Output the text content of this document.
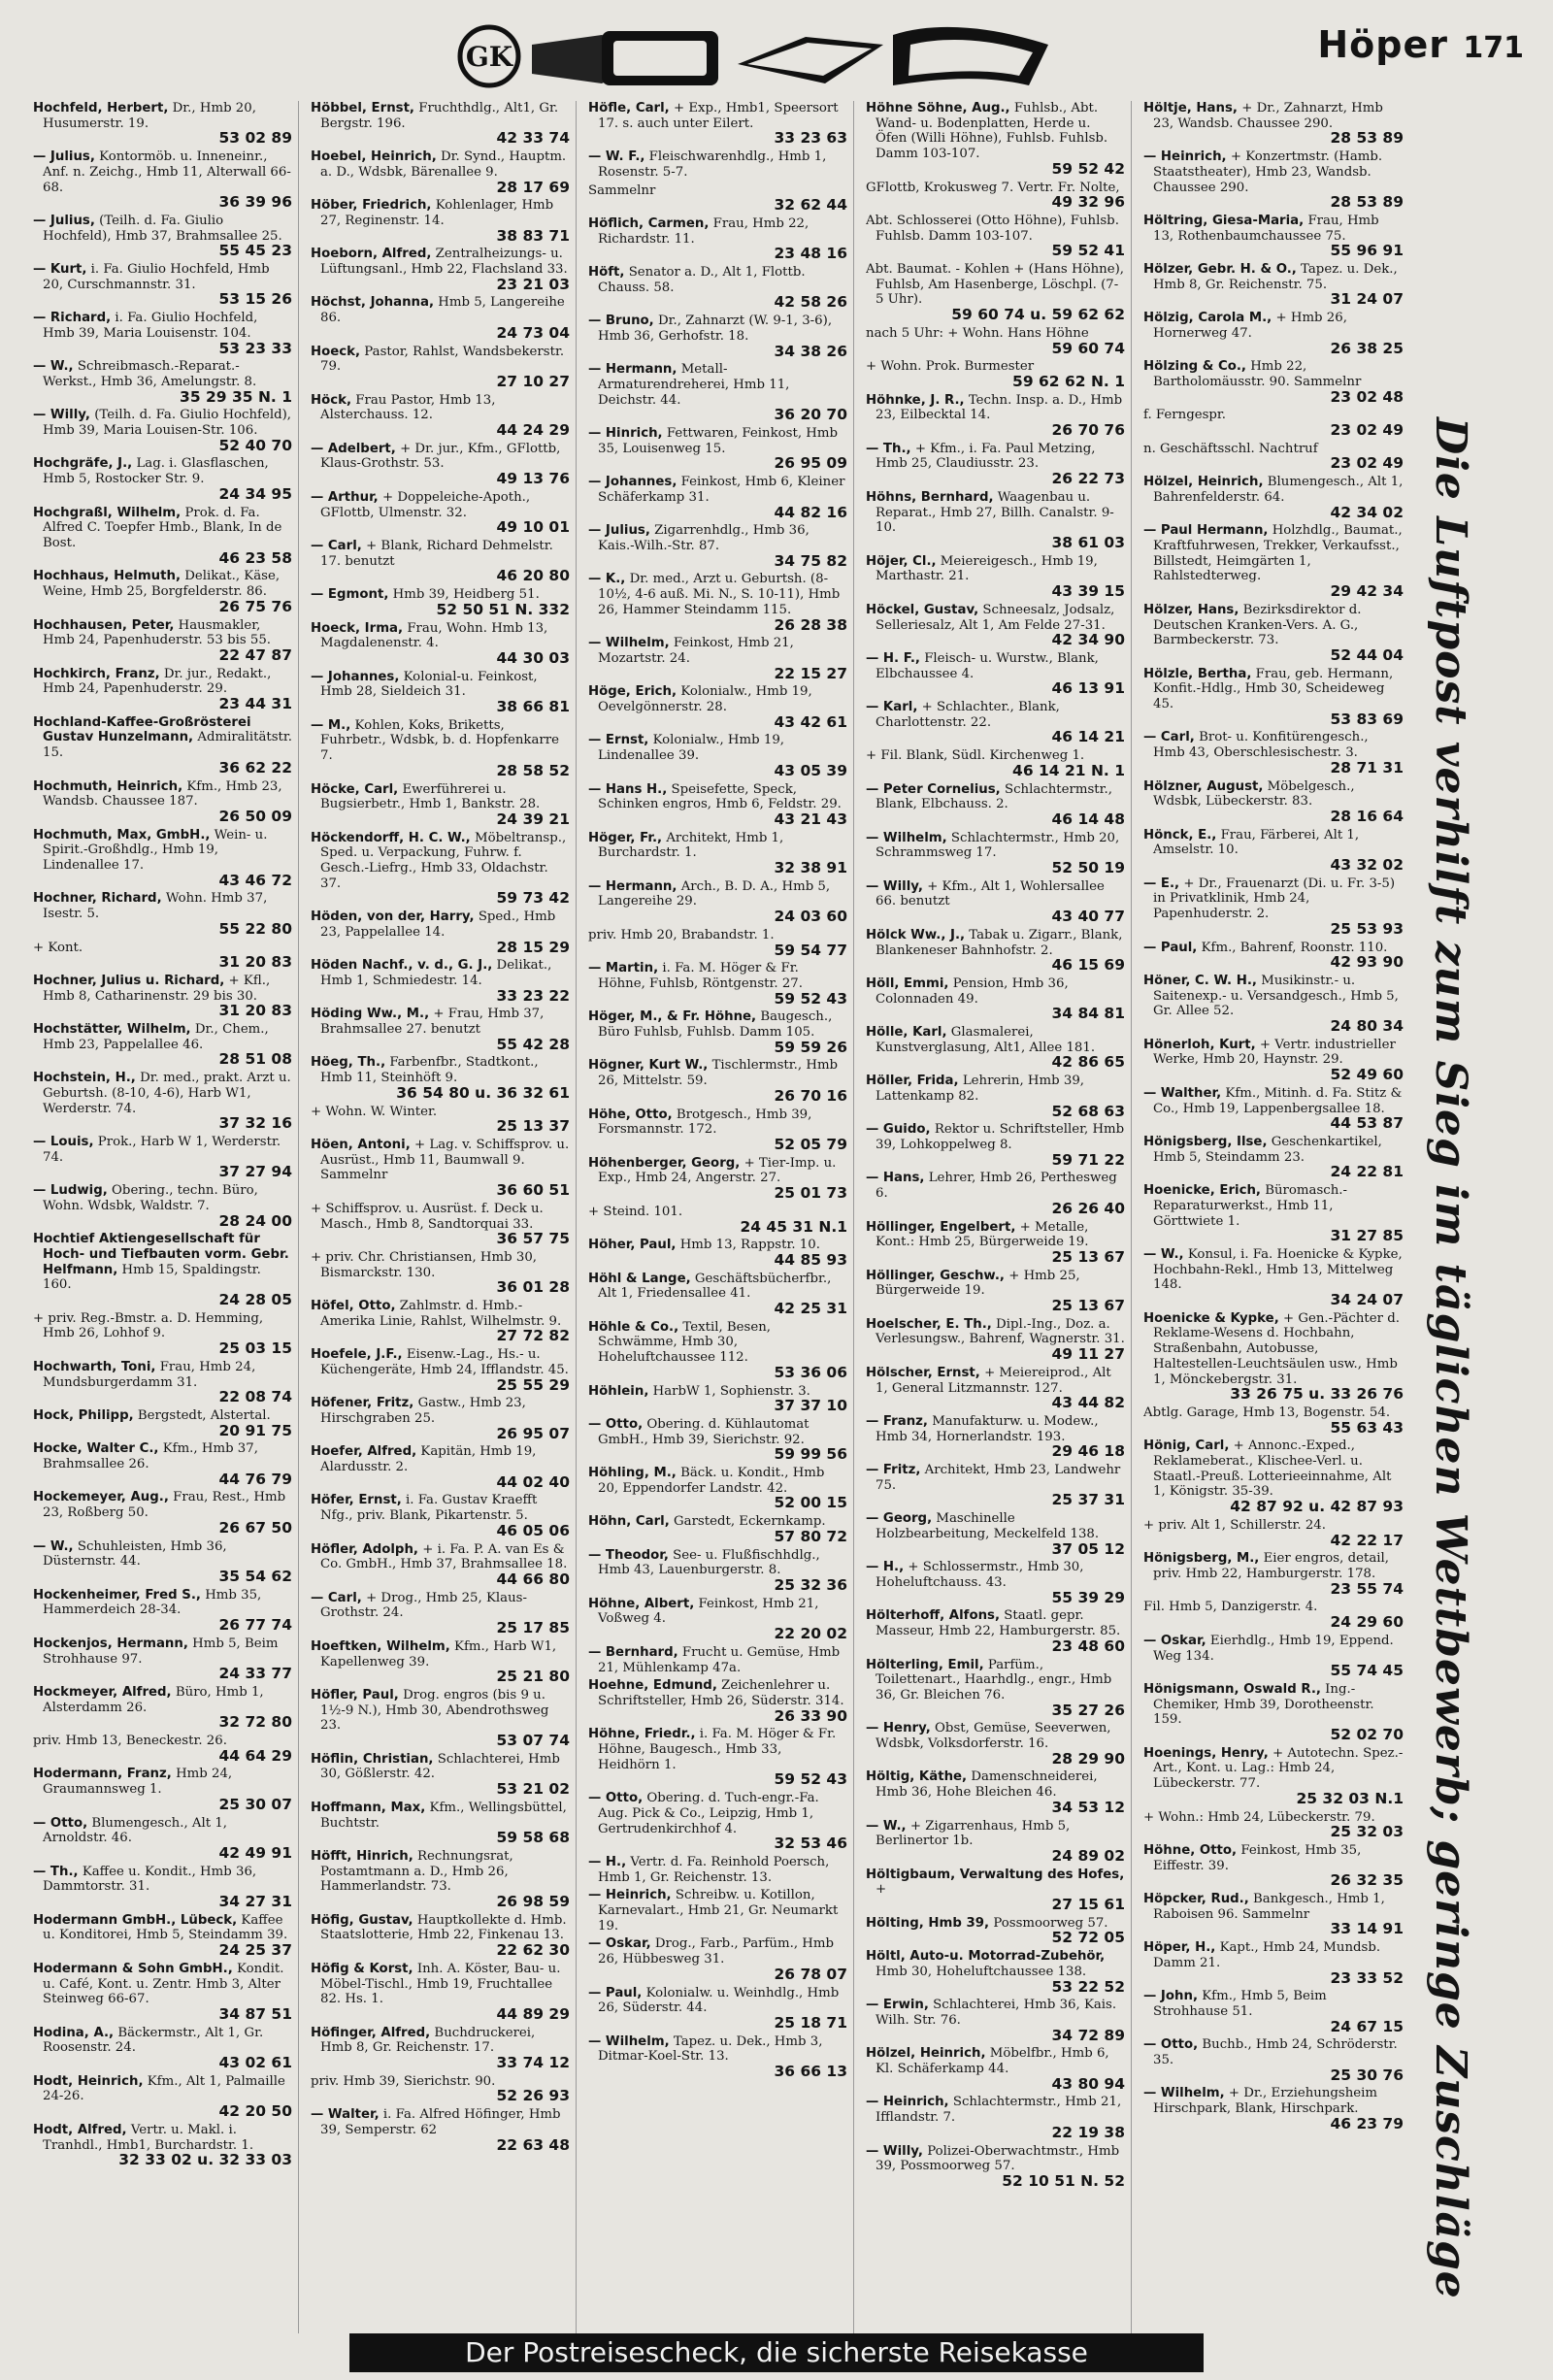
GK	Höper 171
Hochfeld, Herbert, Dr., Hmb 20, Husumerstr. 19.
53 02 89
— Julius, Kontormöb. u. Inneneinr., Anf. n. Zeichg., Hmb 11, Alterwall 66-68.
36 39 96
— Julius, (Teilh. d. Fa. Giulio Hochfeld), Hmb 37, Brahmsallee 25.
55 45 23
— Kurt, i. Fa. Giulio Hochfeld, Hmb 20, Curschmannstr. 31.
53 15 26
— Richard, i. Fa. Giulio Hochfeld, Hmb 39, Maria Louisenstr. 104.
53 23 33
— W., Schreibmasch.-Reparat.-Werkst., Hmb 36, Amelungstr. 8.
35 29 35 N. 1
— Willy, (Teilh. d. Fa. Giulio Hochfeld), Hmb 39, Maria Louisen-Str. 106.
52 40 70
Hochgräfe, J., Lag. i. Glasflaschen, Hmb 5, Rostocker Str. 9.
24 34 95
Hochgraßl, Wilhelm, Prok. d. Fa. Alfred C. Toepfer Hmb., Blank, In de Bost.
46 23 58
Hochhaus, Helmuth, Delikat., Käse, Weine, Hmb 25, Borgfelderstr. 86.
26 75 76
Hochhausen, Peter, Hausmakler, Hmb 24, Papenhuderstr. 53 bis 55.
22 47 87
Hochkirch, Franz, Dr. jur., Redakt., Hmb 24, Papenhuderstr. 29.
23 44 31
Hochland-Kaffee-Großrösterei Gustav Hunzelmann, Admiralitätstr. 15.
36 62 22
Hochmuth, Heinrich, Kfm., Hmb 23, Wandsb. Chaussee 187.
26 50 09
Hochmuth, Max, GmbH., Wein- u. Spirit.-Großhdlg., Hmb 19, Lindenallee 17.
43 46 72
Hochner, Richard, Wohn. Hmb 37, Isestr. 5.
55 22 80
+ Kont.
31 20 83
Hochner, Julius u. Richard, + Kfl., Hmb 8, Catharinenstr. 29 bis 30.
31 20 83
Hochstätter, Wilhelm, Dr., Chem., Hmb 23, Pappelallee 46.
28 51 08
Hochstein, H., Dr. med., prakt. Arzt u. Geburtsh. (8-10, 4-6), Harb W1, Werderstr. 74.
37 32 16
— Louis, Prok., Harb W 1, Werderstr. 74.
37 27 94
— Ludwig, Obering., techn. Büro, Wohn. Wdsbk, Waldstr. 7.
28 24 00
Hochtief Aktiengesellschaft für Hoch- und Tiefbauten vorm. Gebr. Helfmann, Hmb 15, Spaldingstr. 160.
24 28 05
+ priv. Reg.-Bmstr. a. D. Hemming, Hmb 26, Lohhof 9.
25 03 15
Hochwarth, Toni, Frau, Hmb 24, Mundsburgerdamm 31.
22 08 74
Hock, Philipp, Bergstedt, Alstertal.
20 91 75
Hocke, Walter C., Kfm., Hmb 37, Brahmsallee 26.
44 76 79
Hockemeyer, Aug., Frau, Rest., Hmb 23, Roßberg 50.
26 67 50
— W., Schuhleisten, Hmb 36, Düsternstr. 44.
35 54 62
Hockenheimer, Fred S., Hmb 35, Hammerdeich 28-34.
26 77 74
Hockenjos, Hermann, Hmb 5, Beim Strohhause 97.
24 33 77
Hockmeyer, Alfred, Büro, Hmb 1, Alsterdamm 26.
32 72 80
priv. Hmb 13, Beneckestr. 26.
44 64 29
Hodermann, Franz, Hmb 24, Graumannsweg 1.
25 30 07
— Otto, Blumengesch., Alt 1, Arnoldstr. 46.
42 49 91
— Th., Kaffee u. Kondit., Hmb 36, Dammtorstr. 31.
34 27 31
Hodermann GmbH., Lübeck, Kaffee u. Konditorei, Hmb 5, Steindamm 39.
24 25 37
Hodermann & Sohn GmbH., Kondit. u. Café, Kont. u. Zentr. Hmb 3, Alter Steinweg 66-67.
34 87 51
Hodina, A., Bäckermstr., Alt 1, Gr. Roosenstr. 24.
43 02 61
Hodt, Heinrich, Kfm., Alt 1, Palmaille 24-26.
42 20 50
Hodt, Alfred, Vertr. u. Makl. i. Tranhdl., Hmb1, Burchardstr. 1.
32 33 02 u. 32 33 03
Höbbel, Ernst, Fruchthdlg., Alt1, Gr. Bergstr. 196.
42 33 74
Hoebel, Heinrich, Dr. Synd., Hauptm. a. D., Wdsbk, Bärenallee 9.
28 17 69
Höber, Friedrich, Kohlenlager, Hmb 27, Reginenstr. 14.
38 83 71
Hoeborn, Alfred, Zentralheizungs- u. Lüftungsanl., Hmb 22, Flachsland 33.
23 21 03
Höchst, Johanna, Hmb 5, Langereihe 86.
24 73 04
Hoeck, Pastor, Rahlst, Wandsbekerstr. 79.
27 10 27
Höck, Frau Pastor, Hmb 13, Alsterchauss. 12.
44 24 29
— Adelbert, + Dr. jur., Kfm., GFlottb, Klaus-Grothstr. 53.
49 13 76
— Arthur, + Doppeleiche-Apoth., GFlottb, Ulmenstr. 32.
49 10 01
— Carl, + Blank, Richard Dehmelstr. 17. benutzt
46 20 80
— Egmont, Hmb 39, Heidberg 51.
52 50 51 N. 332
Hoeck, Irma, Frau, Wohn. Hmb 13, Magdalenenstr. 4.
44 30 03
— Johannes, Kolonial-u. Feinkost, Hmb 28, Sieldeich 31.
38 66 81
— M., Kohlen, Koks, Briketts, Fuhrbetr., Wdsbk, b. d. Hopfenkarre 7.
28 58 52
Höcke, Carl, Ewerführerei u. Bugsierbetr., Hmb 1, Bankstr. 28.
24 39 21
Höckendorff, H. C. W., Möbeltransp., Sped. u. Verpackung, Fuhrw. f. Gesch.-Liefrg., Hmb 33, Oldachstr. 37.
59 73 42
Höden, von der, Harry, Sped., Hmb 23, Pappelallee 14.
28 15 29
Höden Nachf., v. d., G. J., Delikat., Hmb 1, Schmiedestr. 14.
33 23 22
Höding Ww., M., + Frau, Hmb 37, Brahmsallee 27. benutzt
55 42 28
Höeg, Th., Farbenfbr., Stadtkont., Hmb 11, Steinhöft 9.
36 54 80 u. 36 32 61
+ Wohn. W. Winter.
25 13 37
Höen, Antoni, + Lag. v. Schiffsprov. u. Ausrüst., Hmb 11, Baumwall 9. Sammelnr
36 60 51
+ Schiffsprov. u. Ausrüst. f. Deck u. Masch., Hmb 8, Sandtorquai 33.
36 57 75
+ priv. Chr. Christiansen, Hmb 30, Bismarckstr. 130.
36 01 28
Höfel, Otto, Zahlmstr. d. Hmb.-Amerika Linie, Rahlst, Wilhelmstr. 9.
27 72 82
Hoefele, J.F., Eisenw.-Lag., Hs.- u. Küchengeräte, Hmb 24, Ifflandstr. 45.
25 55 29
Höfener, Fritz, Gastw., Hmb 23, Hirschgraben 25.
26 95 07
Hoefer, Alfred, Kapitän, Hmb 19, Alardusstr. 2.
44 02 40
Höfer, Ernst, i. Fa. Gustav Kraefft Nfg., priv. Blank, Pikartenstr. 5.
46 05 06
Höfler, Adolph, + i. Fa. P. A. van Es & Co. GmbH., Hmb 37, Brahmsallee 18.
44 66 80
— Carl, + Drog., Hmb 25, Klaus-Grothstr. 24.
25 17 85
Hoeftken, Wilhelm, Kfm., Harb W1, Kapellenweg 39.
25 21 80
Höfler, Paul, Drog. engros (bis 9 u. 1½-9 N.), Hmb 30, Abendrothsweg 23.
53 07 74
Höflin, Christian, Schlachterei, Hmb 30, Gößlerstr. 42.
53 21 02
Hoffmann, Max, Kfm., Wellingsbüttel, Buchtstr.
59 58 68
Höfft, Hinrich, Rechnungsrat, Postamtmann a. D., Hmb 26, Hammerlandstr. 73.
26 98 59
Höfig, Gustav, Hauptkollekte d. Hmb. Staatslotterie, Hmb 22, Finkenau 13.
22 62 30
Höfig & Korst, Inh. A. Köster, Bau- u. Möbel-Tischl., Hmb 19, Fruchtallee 82. Hs. 1.
44 89 29
Höfinger, Alfred, Buchdruckerei, Hmb 8, Gr. Reichenstr. 17.
33 74 12
priv. Hmb 39, Sierichstr. 90.
52 26 93
— Walter, i. Fa. Alfred Höfinger, Hmb 39, Semperstr. 62
22 63 48
Höfle, Carl, + Exp., Hmb1, Speersort 17. s. auch unter Eilert.
33 23 63
— W. F., Fleischwarenhdlg., Hmb 1, Rosenstr. 5-7.
Sammelnr
32 62 44
Höflich, Carmen, Frau, Hmb 22, Richardstr. 11.
23 48 16
Höft, Senator a. D., Alt 1, Flottb. Chauss. 58.
42 58 26
— Bruno, Dr., Zahnarzt (W. 9-1, 3-6), Hmb 36, Gerhofstr. 18.
34 38 26
— Hermann, Metall-Armaturendreherei, Hmb 11, Deichstr. 44.
36 20 70
— Hinrich, Fettwaren, Feinkost, Hmb 35, Louisenweg 15.
26 95 09
— Johannes, Feinkost, Hmb 6, Kleiner Schäferkamp 31.
44 82 16
— Julius, Zigarrenhdlg., Hmb 36, Kais.-Wilh.-Str. 87.
34 75 82
— K., Dr. med., Arzt u. Geburtsh. (8-10½, 4-6 auß. Mi. N., S. 10-11), Hmb 26, Hammer Steindamm 115.
26 28 38
— Wilhelm, Feinkost, Hmb 21, Mozartstr. 24.
22 15 27
Höge, Erich, Kolonialw., Hmb 19, Oevelgönnerstr. 28.
43 42 61
— Ernst, Kolonialw., Hmb 19, Lindenallee 39.
43 05 39
— Hans H., Speisefette, Speck, Schinken engros, Hmb 6, Feldstr. 29.
43 21 43
Höger, Fr., Architekt, Hmb 1, Burchardstr. 1.
32 38 91
— Hermann, Arch., B. D. A., Hmb 5, Langereihe 29.
24 03 60
priv. Hmb 20, Brabandstr. 1.
59 54 77
— Martin, i. Fa. M. Höger & Fr. Höhne, Fuhlsb, Röntgenstr. 27.
59 52 43
Höger, M., & Fr. Höhne, Baugesch., Büro Fuhlsb, Fuhlsb. Damm 105.
59 59 26
Högner, Kurt W., Tischlermstr., Hmb 26, Mittelstr. 59.
26 70 16
Höhe, Otto, Brotgesch., Hmb 39, Forsmannstr. 172.
52 05 79
Höhenberger, Georg, + Tier-Imp. u. Exp., Hmb 24, Angerstr. 27.
25 01 73
+ Steind. 101.
24 45 31 N.1
Höher, Paul, Hmb 13, Rappstr. 10.
44 85 93
Höhl & Lange, Geschäftsbücherfbr., Alt 1, Friedensallee 41.
42 25 31
Höhle & Co., Textil, Besen, Schwämme, Hmb 30, Hoheluftchaussee 112.
53 36 06
Höhlein, HarbW 1, Sophienstr. 3.
37 37 10
— Otto, Obering. d. Kühlautomat GmbH., Hmb 39, Sierichstr. 92.
59 99 56
Höhling, M., Bäck. u. Kondit., Hmb 20, Eppendorfer Landstr. 42.
52 00 15
Höhn, Carl, Garstedt, Eckernkamp.
57 80 72
— Theodor, See- u. Flußfischhdlg., Hmb 43, Lauenburgerstr. 8.
25 32 36
Höhne, Albert, Feinkost, Hmb 21, Voßweg 4.
22 20 02
— Bernhard, Frucht u. Gemüse, Hmb 21, Mühlenkamp 47a.
Hoehne, Edmund, Zeichenlehrer u. Schriftsteller, Hmb 26, Süderstr. 314.
26 33 90
Höhne, Friedr., i. Fa. M. Höger & Fr. Höhne, Baugesch., Hmb 33, Heidhörn 1.
59 52 43
— Otto, Obering. d. Tuch-engr.-Fa. Aug. Pick & Co., Leipzig, Hmb 1, Gertrudenkirchhof 4.
32 53 46
— H., Vertr. d. Fa. Reinhold Poersch, Hmb 1, Gr. Reichenstr. 13.
— Heinrich, Schreibw. u. Kotillon, Karnevalart., Hmb 21, Gr. Neumarkt 19.
— Oskar, Drog., Farb., Parfüm., Hmb 26, Hübbesweg 31.
26 78 07
— Paul, Kolonialw. u. Weinhdlg., Hmb 26, Süderstr. 44.
25 18 71
— Wilhelm, Tapez. u. Dek., Hmb 3, Ditmar-Koel-Str. 13.
36 66 13
Höhne Söhne, Aug., Fuhlsb., Abt. Wand- u. Bodenplatten, Herde u. Öfen (Willi Höhne), Fuhlsb. Fuhlsb. Damm 103-107.
59 52 42
GFlottb, Krokusweg 7. Vertr. Fr. Nolte,
49 32 96
Abt. Schlosserei (Otto Höhne), Fuhlsb. Fuhlsb. Damm 103-107.
59 52 41
Abt. Baumat. - Kohlen + (Hans Höhne), Fuhlsb, Am Hasenberge, Löschpl. (7-5 Uhr).
59 60 74 u. 59 62 62
nach 5 Uhr: + Wohn. Hans Höhne
59 60 74
+ Wohn. Prok. Burmester
59 62 62 N. 1
Höhnke, J. R., Techn. Insp. a. D., Hmb 23, Eilbecktal 14.
26 70 76
— Th., + Kfm., i. Fa. Paul Metzing, Hmb 25, Claudiusstr. 23.
26 22 73
Höhns, Bernhard, Waagenbau u. Reparat., Hmb 27, Billh. Canalstr. 9-10.
38 61 03
Höjer, Cl., Meiereigesch., Hmb 19, Marthastr. 21.
43 39 15
Höckel, Gustav, Schneesalz, Jodsalz, Selleriesalz, Alt 1, Am Felde 27-31.
42 34 90
— H. F., Fleisch- u. Wurstw., Blank, Elbchaussee 4.
46 13 91
— Karl, + Schlachter., Blank, Charlottenstr. 22.
46 14 21
+ Fil. Blank, Südl. Kirchenweg 1.
46 14 21 N. 1
— Peter Cornelius, Schlachtermstr., Blank, Elbchauss. 2.
46 14 48
— Wilhelm, Schlachtermstr., Hmb 20, Schrammsweg 17.
52 50 19
— Willy, + Kfm., Alt 1, Wohlersallee 66. benutzt
43 40 77
Hölck Ww., J., Tabak u. Zigarr., Blank, Blankeneser Bahnhofstr. 2.
46 15 69
Höll, Emmi, Pension, Hmb 36, Colonnaden 49.
34 84 81
Hölle, Karl, Glasmalerei, Kunstverglasung, Alt1, Allee 181.
42 86 65
Höller, Frida, Lehrerin, Hmb 39, Lattenkamp 82.
52 68 63
— Guido, Rektor u. Schriftsteller, Hmb 39, Lohkoppelweg 8.
59 71 22
— Hans, Lehrer, Hmb 26, Perthesweg 6.
26 26 40
Höllinger, Engelbert, + Metalle, Kont.: Hmb 25, Bürgerweide 19.
25 13 67
Höllinger, Geschw., + Hmb 25, Bürgerweide 19.
25 13 67
Hoelscher, E. Th., Dipl.-Ing., Doz. a. Verlesungsw., Bahrenf, Wagnerstr. 31.
49 11 27
Hölscher, Ernst, + Meiereiprod., Alt 1, General Litzmannstr. 127.
43 44 82
— Franz, Manufakturw. u. Modew., Hmb 34, Hornerlandstr. 193.
29 46 18
— Fritz, Architekt, Hmb 23, Landwehr 75.
25 37 31
— Georg, Maschinelle Holzbearbeitung, Meckelfeld 138.
37 05 12
— H., + Schlossermstr., Hmb 30, Hoheluftchauss. 43.
55 39 29
Hölterhoff, Alfons, Staatl. gepr. Masseur, Hmb 22, Hamburgerstr. 85.
23 48 60
Hölterling, Emil, Parfüm., Toilettenart., Haarhdlg., engr., Hmb 36, Gr. Bleichen 76.
35 27 26
— Henry, Obst, Gemüse, Seeverwen, Wdsbk, Volksdorferstr. 16.
28 29 90
Höltig, Käthe, Damenschneiderei, Hmb 36, Hohe Bleichen 46.
34 53 12
— W., + Zigarrenhaus, Hmb 5, Berlinertor 1b.
24 89 02
Höltigbaum, Verwaltung des Hofes, +
27 15 61
Hölting, Hmb 39, Possmoorweg 57.
52 72 05
Höltl, Auto-u. Motorrad-Zubehör, Hmb 30, Hoheluftchaussee 138.
53 22 52
— Erwin, Schlachterei, Hmb 36, Kais. Wilh. Str. 76.
34 72 89
Hölzel, Heinrich, Möbelfbr., Hmb 6, Kl. Schäferkamp 44.
43 80 94
— Heinrich, Schlachtermstr., Hmb 21, Ifflandstr. 7.
22 19 38
— Willy, Polizei-Oberwachtmstr., Hmb 39, Possmoorweg 57.
52 10 51 N. 52
Höltje, Hans, + Dr., Zahnarzt, Hmb 23, Wandsb. Chaussee 290.
28 53 89
— Heinrich, + Konzertmstr. (Hamb. Staatstheater), Hmb 23, Wandsb. Chaussee 290.
28 53 89
Höltring, Giesa-Maria, Frau, Hmb 13, Rothenbaumchaussee 75.
55 96 91
Hölzer, Gebr. H. & O., Tapez. u. Dek., Hmb 8, Gr. Reichenstr. 75.
31 24 07
Hölzig, Carola M., + Hmb 26, Hornerweg 47.
26 38 25
Hölzing & Co., Hmb 22, Bartholomäusstr. 90. Sammelnr
23 02 48
f. Ferngespr.
23 02 49
n. Geschäftsschl. Nachtruf
23 02 49
Hölzel, Heinrich, Blumengesch., Alt 1, Bahrenfelderstr. 64.
42 34 02
— Paul Hermann, Holzhdlg., Baumat., Kraftfuhrwesen, Trekker, Verkaufsst., Billstedt, Heimgärten 1, Rahlstedterweg.
29 42 34
Hölzer, Hans, Bezirksdirektor d. Deutschen Kranken-Vers. A. G., Barmbeckerstr. 73.
52 44 04
Hölzle, Bertha, Frau, geb. Hermann, Konfit.-Hdlg., Hmb 30, Scheideweg 45.
53 83 69
— Carl, Brot- u. Konfitürengesch., Hmb 43, Oberschlesischestr. 3.
28 71 31
Hölzner, August, Möbelgesch., Wdsbk, Lübeckerstr. 83.
28 16 64
Hönck, E., Frau, Färberei, Alt 1, Amselstr. 10.
43 32 02
— E., + Dr., Frauenarzt (Di. u. Fr. 3-5) in Privatklinik, Hmb 24, Papenhuderstr. 2.
25 53 93
— Paul, Kfm., Bahrenf, Roonstr. 110.
42 93 90
Höner, C. W. H., Musikinstr.- u. Saitenexp.- u. Versandgesch., Hmb 5, Gr. Allee 52.
24 80 34
Hönerloh, Kurt, + Vertr. industrieller Werke, Hmb 20, Haynstr. 29.
52 49 60
— Walther, Kfm., Mitinh. d. Fa. Stitz & Co., Hmb 19, Lappenbergsallee 18.
44 53 87
Hönigsberg, Ilse, Geschenkartikel, Hmb 5, Steindamm 23.
24 22 81
Hoenicke, Erich, Büromasch.-Reparaturwerkst., Hmb 11, Görttwiete 1.
31 27 85
— W., Konsul, i. Fa. Hoenicke & Kypke, Hochbahn-Rekl., Hmb 13, Mittelweg 148.
34 24 07
Hoenicke & Kypke, + Gen.-Pächter d. Reklame-Wesens d. Hochbahn, Straßenbahn, Autobusse, Haltestellen-Leuchtsäulen usw., Hmb 1, Mönckebergstr. 31.
33 26 75 u. 33 26 76
Abtlg. Garage, Hmb 13, Bogenstr. 54.
55 63 43
Hönig, Carl, + Annonc.-Exped., Reklameberat., Klischee-Verl. u. Staatl.-Preuß. Lotterieeinnahme, Alt 1, Königstr. 35-39.
42 87 92 u. 42 87 93
+ priv. Alt 1, Schillerstr. 24.
42 22 17
Hönigsberg, M., Eier engros, detail, priv. Hmb 22, Hamburgerstr. 178.
23 55 74
Fil. Hmb 5, Danzigerstr. 4.
24 29 60
— Oskar, Eierhdlg., Hmb 19, Eppend. Weg 134.
55 74 45
Hönigsmann, Oswald R., Ing.-Chemiker, Hmb 39, Dorotheenstr. 159.
52 02 70
Hoenings, Henry, + Autotechn. Spez.-Art., Kont. u. Lag.: Hmb 24, Lübeckerstr. 77.
25 32 03 N.1
+ Wohn.: Hmb 24, Lübeckerstr. 79.
25 32 03
Höhne, Otto, Feinkost, Hmb 35, Eiffestr. 39.
26 32 35
Höpcker, Rud., Bankgesch., Hmb 1, Raboisen 96. Sammelnr
33 14 91
Höper, H., Kapt., Hmb 24, Mundsb. Damm 21.
23 33 52
— John, Kfm., Hmb 5, Beim Strohhause 51.
24 67 15
— Otto, Buchb., Hmb 24, Schröderstr. 35.
25 30 76
— Wilhelm, + Dr., Erziehungsheim Hirschpark, Blank, Hirschpark.
46 23 79 Die Luftpost verhilft zum Sieg im täglichen Wettbewerb; geringe Zuschläge
Der Postreisescheck, die sicherste Reisekasse
